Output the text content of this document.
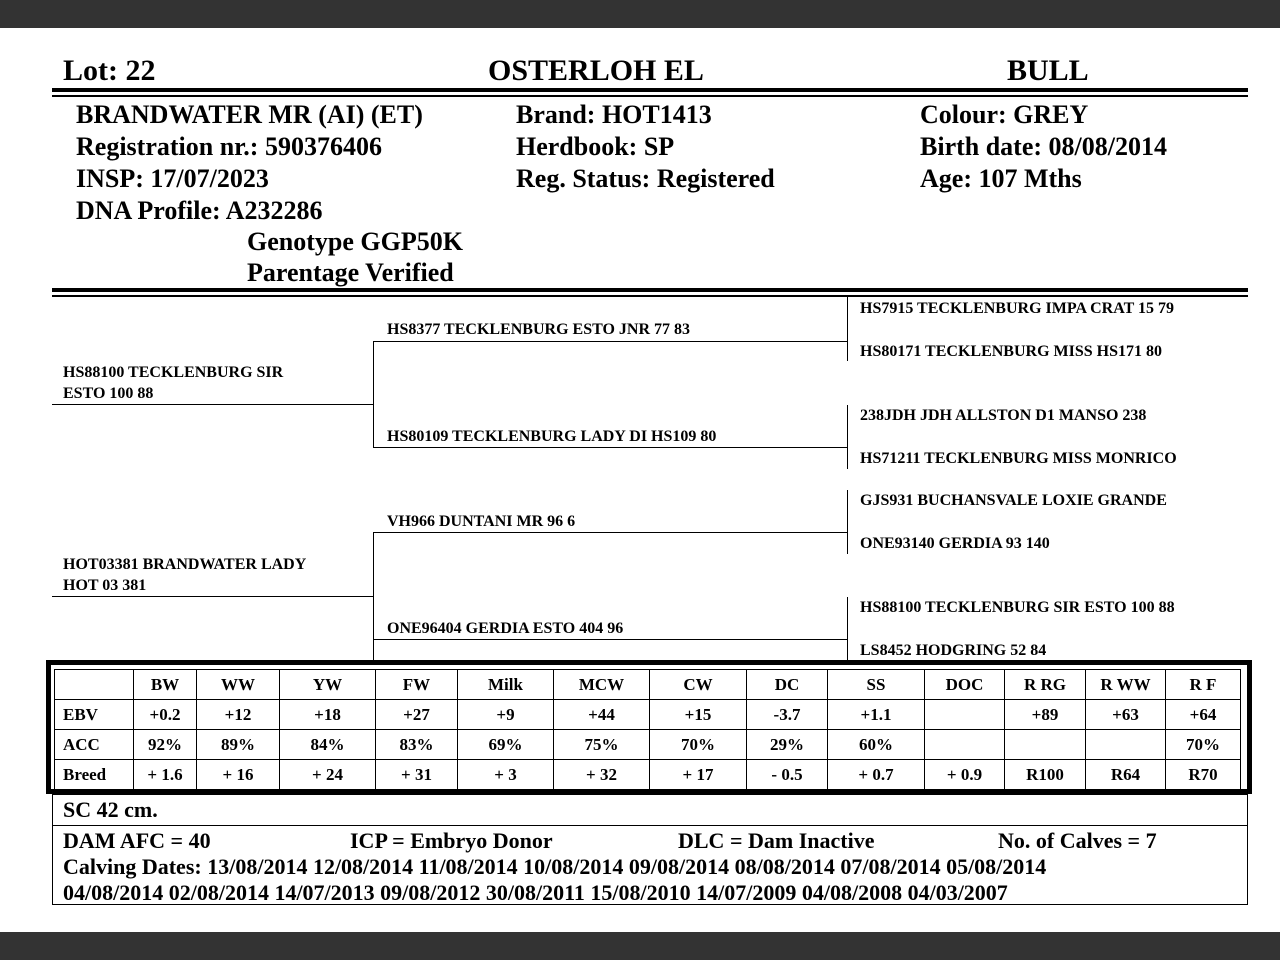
Lot: 22	OSTERLOH EL	BULL
BRANDWATER MR (AI) (ET)
Registration nr.: 590376406
INSP: 17/07/2023
DNA Profile: A232286
Genotype GGP50K
Parentage Verified
Brand: HOT1413
Herdbook: SP
Reg. Status: Registered
Colour: GREY
Birth date: 08/08/2014
Age: 107 Mths
HS88100 TECKLENBURG SIR
ESTO 100 88
HOT03381 BRANDWATER LADY
HOT 03 381
HS8377 TECKLENBURG ESTO JNR 77 83
HS80109 TECKLENBURG LADY DI HS109 80
VH966 DUNTANI MR 96 6
ONE96404 GERDIA ESTO 404 96
HS7915 TECKLENBURG IMPA CRAT 15 79
HS80171 TECKLENBURG MISS HS171 80
238JDH JDH ALLSTON D1 MANSO 238
HS71211 TECKLENBURG MISS MONRICO
GJS931 BUCHANSVALE LOXIE GRANDE
ONE93140 GERDIA 93 140
HS88100 TECKLENBURG SIR ESTO 100 88
LS8452 HODGRING 52 84
	BW	WW	YW	FW	Milk	MCW	CW	DC	SS	DOC	R RG	R WW	R F
EBV	+0.2	+12	+18	+27	+9	+44	+15	-3.7	+1.1		+89	+63	+64
ACC	92%	89%	84%	83%	69%	75%	70%	29%	60%				70%
Breed	+ 1.6	+ 16	+ 24	+ 31	+ 3	+ 32	+ 17	- 0.5	+ 0.7	+ 0.9	R100	R64	R70
SC 42 cm.
DAM AFC = 40	ICP = Embryo Donor	DLC = Dam Inactive	No. of Calves = 7
Calving Dates: 13/08/2014 12/08/2014 11/08/2014 10/08/2014 09/08/2014 08/08/2014 07/08/2014 05/08/2014
04/08/2014 02/08/2014 14/07/2013 09/08/2012 30/08/2011 15/08/2010 14/07/2009 04/08/2008 04/03/2007
